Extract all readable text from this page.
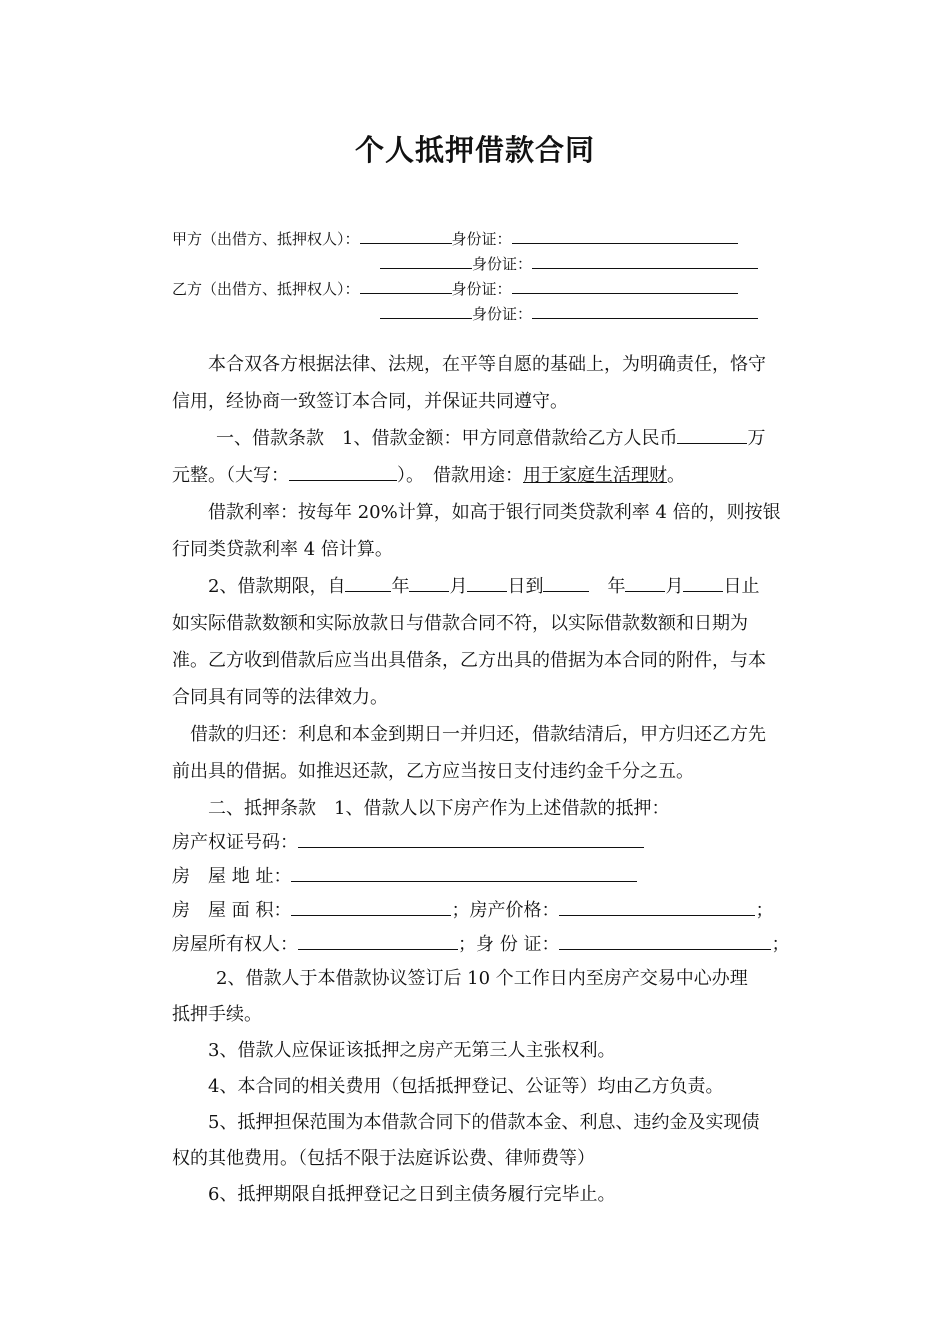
个人抵押借款合同
甲方（出借方、抵押权人）：	身份证：
身份证：
乙方（出借方、抵押权人）：	身份证：
身份证：
本合双各方根据法律、法规，在平等自愿的基础上，为明确责任，恪守
信用，经协商一致签订本合同，并保证共同遵守。
一、借款条款　1、借款金额：甲方同意借款给乙方人民币	万
元整。（大写：	）。　借款用途：用于家庭生活理财。
借款利率：按每年 20%计算，如高于银行同类贷款利率 4 倍的，则按银
行同类贷款利率 4 倍计算。
2、借款期限，自	年 月 日到 	年 月 日止
如实际借款数额和实际放款日与借款合同不符，以实际借款数额和日期为
准。乙方收到借款后应当出具借条，乙方出具的借据为本合同的附件，与本
合同具有同等的法律效力。
借款的归还：利息和本金到期日一并归还，借款结清后，甲方归还乙方先
前出具的借据。如推迟还款，乙方应当按日支付违约金千分之五。
二、抵押条款　1、借款人以下房产作为上述借款的抵押：
房产权证号码：
房　屋 地 址：
房　屋 面 积：	；房产价格：	；
房屋所有权人：	；身 份 证：	；
2、借款人于本借款协议签订后 10 个工作日内至房产交易中心办理
抵押手续。
3、借款人应保证该抵押之房产无第三人主张权利。
4、本合同的相关费用（包括抵押登记、公证等）均由乙方负责。
5、抵押担保范围为本借款合同下的借款本金、利息、违约金及实现债
权的其他费用。（包括不限于法庭诉讼费、律师费等）
6、抵押期限自抵押登记之日到主债务履行完毕止。
